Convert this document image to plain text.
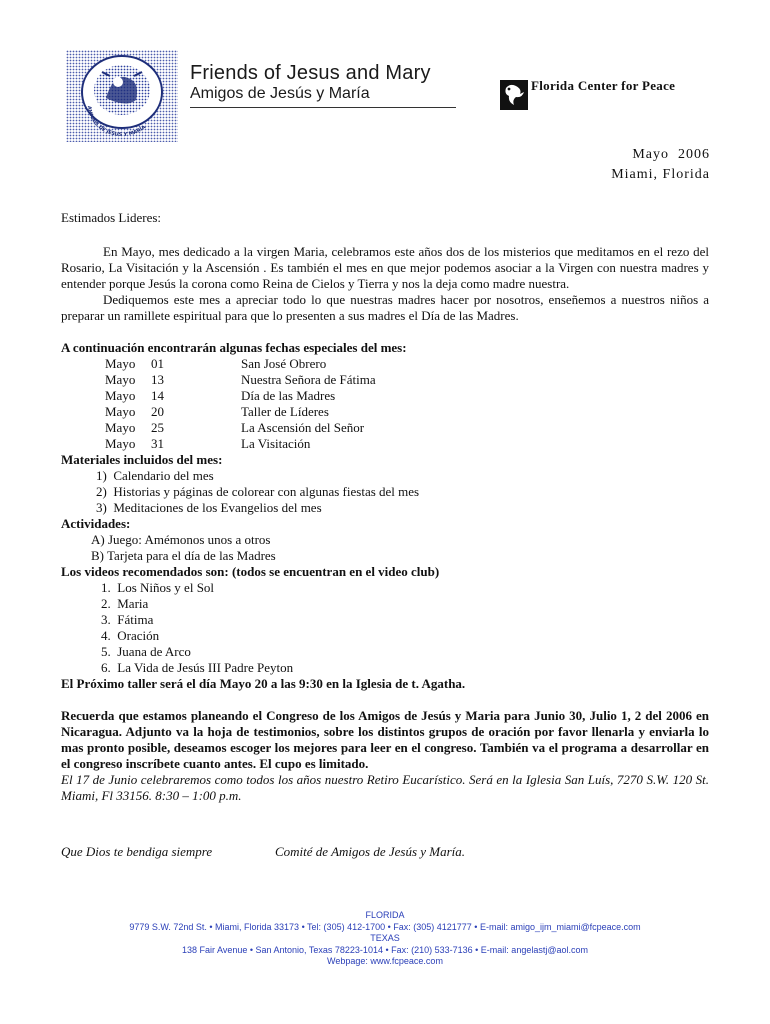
AMIGOS DE JESUS Y MARIA
Friends of Jesus and Mary
Amigos de Jesús y María	Florida Center for Peace
Mayo  2006
Miami, Florida

Estimados Lideres:

En Mayo, mes dedicado a la virgen Maria, celebramos este años dos de los misterios que meditamos en el rezo del Rosario, La Visitación y la Ascensión . Es también el mes en que mejor podemos asociar a la Virgen con nuestra madres y entender porque Jesús la corona como Reina de Cielos y Tierra y nos la deja como madre nuestra.

Dediquemos este mes a apreciar todo lo que nuestras madres hacer por nosotros, enseñemos a nuestros niños a preparar un ramillete espiritual para que lo presenten a sus madres el Día de las Madres.

A continuación encontrarán algunas fechas especiales del mes:

Mayo	01	San José Obrero
Mayo	13	Nuestra Señora de Fátima
Mayo	14	Día de las Madres
Mayo	20	Taller de Líderes
Mayo	25	La Ascensión del Señor
Mayo	31	La Visitación

Materiales incluidos del mes:

1)  Calendario del mes
2)  Historias y páginas de colorear con algunas fiestas del mes
3)  Meditaciones de los Evangelios del mes

Actividades:

A) Juego: Amémonos unos a otros
B) Tarjeta para el día de las Madres

Los videos recomendados son: (todos se encuentran en el video club)

1.  Los Niños y el Sol
2.  Maria
3.  Fátima
4.  Oración
5.  Juana de Arco
6.  La Vida de Jesús III Padre Peyton

El Próximo taller será el día Mayo 20 a las 9:30 en la Iglesia de t. Agatha.

Recuerda que estamos planeando el Congreso de los Amigos de Jesús y Maria para Junio 30, Julio 1, 2 del 2006 en Nicaragua. Adjunto va la hoja de testimonios, sobre los distintos grupos de oración por favor llenarla y enviarla lo mas pronto posible, deseamos escoger los mejores para leer en el congreso. También va el programa a desarrollar en el congreso inscríbete cuanto antes. El cupo es limitado.

El 17 de Junio celebraremos como todos los años nuestro Retiro Eucarístico. Será en la Iglesia San Luís, 7270 S.W. 120 St. Miami, Fl 33156. 8:30 – 1:00 p.m.

Que Dios te bendiga siempre	Comité de Amigos de Jesús y María.
FLORIDA
9779 S.W. 72nd St. • Miami, Florida 33173 • Tel: (305) 412-1700 • Fax: (305) 4121777 • E-mail: amigo_ijm_miami@fcpeace.com
TEXAS
138 Fair Avenue • San Antonio, Texas 78223-1014 • Fax: (210) 533-7136 • E-mail: angelastj@aol.com
Webpage: www.fcpeace.com
